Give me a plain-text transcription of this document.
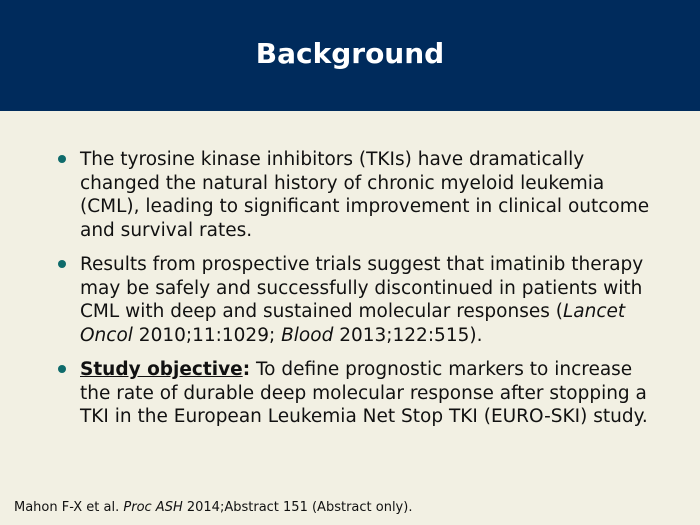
Background
The tyrosine kinase inhibitors (TKIs) have dramatically changed the natural history of chronic myeloid leukemia (CML), leading to significant improvement in clinical outcome and survival rates.
Results from prospective trials suggest that imatinib therapy may be safely and successfully discontinued in patients with CML with deep and sustained molecular responses (Lancet Oncol 2010;11:1029; Blood 2013;122:515).
Study objective: To define prognostic markers to increase the rate of durable deep molecular response after stopping a TKI in the European Leukemia Net Stop TKI (EURO-SKI) study.
Mahon F-X et al. Proc ASH 2014;Abstract 151 (Abstract only).
